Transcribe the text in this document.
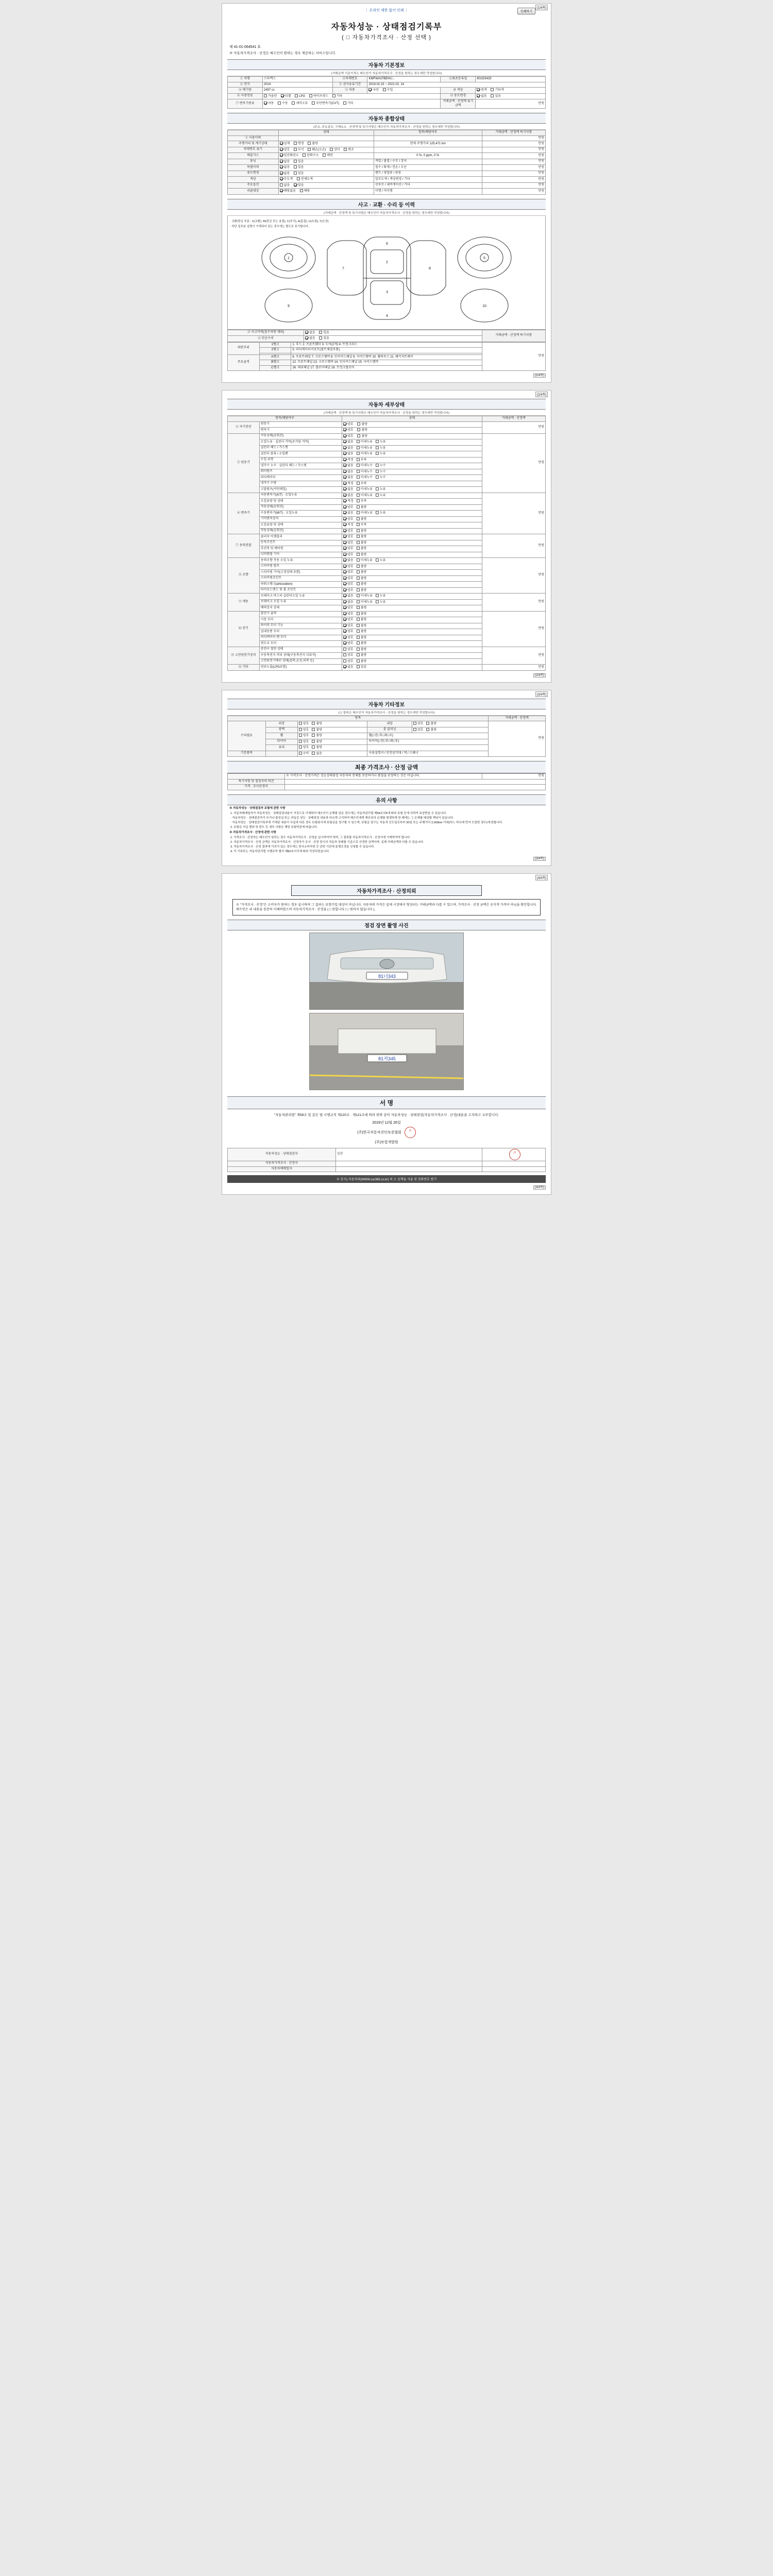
｜ 온라인 제한 없이 인쇄 ｜
(1/4쪽)
인쇄하기
자동차성능 · 상태점검기록부
( □ 자동차가격조사 · 산정 선택 )
제 41-01-064541 호
※ 자동차가격조사 · 산정은 매수인이 원하는 경우 제공하는 서비스입니다.
자동차 기본정보
(거래금액 기준가격은 매수인이 자동차가격조사 · 산정을 원하는 경우에만 작성합니다)
① 차명	스타렉스	②차대번호	KMFWA37BEHU...	③최초등록일	8019/3433
④ 연식	2014	⑤ 검사유효기간	2019.02.15 ~ 2021.02. 14		
⑧ 배기량	2497 cc	⑨ 차종	국산 수입	⑩ 색상	원색 기타색
⑥ 사용연료	가솔린 디젤 LPG 하이브리드 기타			⑪ 용도변경	없음 있음
⑦ 변속기종류	자동 수동 세미오토 무단변속기(CVT) 기타			거래금액 · 산정액 표기금액	만원
자동차 종합상태
(주요, 주요골조, 구매요소 · 산정액 및 특기사항은 매수인이 자동차가격조사 · 산정을 원하는 경우에만 작성합니다)
	상태	항목/해당여부	거래금액 · 산정액 특기사항
① 사용이력			만원
주행거리 및 계기상태	실제 변경 불량	현재 주행거리 125,471 km	만원
차대번호 표기	양호 부식 훼손(오손) 상이 변조		만원
배출가스	일산화탄소 탄화수소 매연	0 %, 0 ppm, 0 %	만원
튜닝	없음 있음	적법 / 불법 / 구조 / 장치	만원
특별이력	없음 있음	침수 / 화재 / 전손 / 도난	만원
용도변경	없음 있음	렌트 / 영업용 / 관용	만원
색상	무도색 전체도색	일부도색 / 색상변경 / 기타	만원
주요옵션	없음 있음	선루프 / 내비게이션 / 기타	만원
리콜대상	해당없음 해당	이행 / 미이행	만원
사고 · 교환 · 수리 등 이력
(거래금액 · 산정액 및 특기사항은 매수인이 자동차가격조사 · 산정을 원하는 경우에만 작성합니다)
· 교환/판금 부분 : X(교환), W(판금 또는 용접), C(부식), A(흠집), U(요철), T(손상)
· 하단 일부분 설명이 기재되어 있는 경우에는 별도로 표기합니다.
1
6
2
3
4
5
7	8
9	10
② 사고이력(침수차량 제외)	없음 있음	거래금액 · 산정액 특기사항
③ 단순수리	없음 있음	
외판부위	1랭크	1. 후드 2. 프론트휀더 3. 도어(2개) 4. 트렁크리드	만원
	2랭크	5. 라디에이터서포트(볼트체결부품)	

주요골격	A랭크	6. 프론트패널 7. 크로스멤버 8. 인사이드패널 9. 사이드멤버 10. 휠하우스 11. 패키지트레이	
	B랭크	12. 프론트패널 13. 크로스멤버 14. 인사이드패널 15. 사이드멤버	
	C랭크	16. 대쉬패널 17. 플로어패널 18. 트렁크플로어	
(1/4쪽)
(2/4쪽)
자동차 세부상태
(거래금액 · 산정액 및 특기사항은 매수인이 자동차가격조사 · 산정을 원하는 경우에만 작성합니다)
항목/해당여부		상태	거래금액 · 산정액
④ 자기진단	원동기	양호 불량	만원
	변속기	양호 불량	
⑤ 원동기	작동상태(공회전)	양호 불량	만원
	오일누유 · 실린더 커버(로커암 커버)	없음 미세누유 누유	
	실린더 헤드 / 가스켓	없음 미세누유 누유	
	실린더 블록 / 오일팬	없음 미세누유 누유	
	오일 유량	적정 부족	
	냉각수 누수 · 실린더 헤드 / 가스켓	없음 미세누수 누수	
	워터펌프	없음 미세누수 누수	
	라디에이터	없음 미세누수 누수	
	냉각수 수량	적정 부족	
	고압펌프(커먼레일)	없음 미세누유 누유	
⑥ 변속기	자동변속기(A/T) · 오일누유	없음 미세누유 누유	만원
	오일유량 및 상태	적정 부족	
	작동상태(공회전)	양호 불량	
	수동변속기(M/T) · 오일누유	없음 미세누유 누유	
	기어변속장치	양호 불량	
	오일유량 및 상태	적정 부족	
	작동상태(공회전)	양호 불량	
⑦ 동력전달	클러치 어셈블리	양호 불량	만원
	등속조인트	양호 불량	
	추진축 및 베어링	양호 불량	
	디퍼렌셜 기어	양호 불량	
⑧ 조향	동력조향 작동 오일 누유	없음 미세누유 누유	만원
	스티어링 펌프	양호 불량	
	스티어링 기어(고정상태 포함)	양호 불량	
	스티어링조인트	양호 불량	
	파워크랭크(articulation)	양호 불량	
	타이로드엔드 및 볼 조인트	양호 불량	
⑨ 제동	브레이크 마스터 실린더오일 누유	없음 미세누유 누유	만원
	브레이크 오일 누유	없음 미세누유 누유	
	배력장치 상태	양호 불량	
⑩ 전기	발전기 출력	양호 불량	만원
	시동 모터	양호 불량	
	와이퍼 모터 기능	양호 불량	
	실내송풍 모터	양호 불량	
	라디에이터 팬 모터	양호 불량	
	윈도우 모터	양호 불량	
⑪ 고전원전기장치	충전구 절연 상태	양호 불량	만원
	구동축전지 격리 상태(구동축전지 디퓨저)	양호 불량	
	고전원전기배선 상태(접촉,손상,피복 등)	양호 불량	
⑫ 기타	연료누출(LPG포함)	없음 있음	만원
(2/4쪽)
(3/4쪽)
자동차 기타정보
(② 항목은 매수인이 자동차가격조사 · 산정을 원하는 경우에만 작성합니다)
항목					거래금액 · 산정액
수리필요	외장	양호 불량	내장	양호 불량	만원
	광택	양호 불량	룸 클리닝	양호 불량	
	휠	양호 불량	휠(□전□후□좌□우)		
	타이어	양호 불량	타이어(□전□후□좌□우)		
	유리	양호 불량			
기본품목		구비 없음	사용설명서 / 안전삼각대 / 잭 / 스패너		
최종 가격조사 · 산정 금액
	※ 가격조사 · 산정가격은 성능상태점검 자동차의 전체를 보증하거나 품질을 보장하는 것은 아닙니다.	만원
특기사항 및 점검자의 의견		
가격 · 조사산정자		
유의 사항

※ 자동차성능 · 상태점검자 보험에 관한 사항

1. 자동차매매업자가 자동차성능 · 상태점검내용이 거짓으로 기재되어 매수인이 손해를 입은 경우에는 자동차관리법 제58조의4에 따라 보험 등에 의하여 보상받을 수 있습니다.

· 자동차성능 · 상태점검자가 무거나 불성실 또는 과실로 성능 · 상태점검 내용과 다르게 고지하여 매수인에게 재산상의 손해를 발생하게 한 때에는 그 손해를 배상할 책임이 있습니다.

· 자동차성능 · 상태점검기록부에 기재된 내용이 사실과 다른 경우 보험회사에 보험금을 청구할 수 있으며, 보험금 청구는 자동차 인도일로부터 30일 또는 주행거리 2,000km 이내(어느 하나에 먼저 도달한 경우)에 한합니다.

2. 보험금 지급 범위 및 한도 등 세부 사항은 해당 보험약관에 따릅니다.

※ 자동차가격조사 · 산정에 관한 사항

1. 가격조사 · 산정자는 매수인이 원하는 경우 자동차가격조사 · 산정을 실시하여야 하며, 그 결과를 자동차가격조사 · 산정서에 기재하여야 합니다.

2. 자동차가격조사 · 산정 금액은 자동차가격조사 · 산정자가 조사 · 산정 당시의 자동차 상태를 기준으로 산정한 금액이며, 실제 거래금액과 다를 수 있습니다.

3. 자동차가격조사 · 산정 결과에 이의가 있는 경우에는 한국소비자원 등 관련 기관에 분쟁조정을 신청할 수 있습니다.

4. 이 기록부는 자동차관리법 시행규칙 별지 제82호서식에 따라 작성되었습니다.

(3/4쪽)
(4/4쪽)
자동차가격조사 · 산정의뢰
※ "가격조사 · 산정"은 소비자가 원하는 경우 실시하며 그 결과는 보험가입 대상이 아닙니다. 자동차의 가격은 실제 시장에서 형성되는 거래금액과 다를 수 있으며, 가격조사 · 산정 금액은 공식적 가격이 아님을 확인합니다. 매수인은 위 내용을 충분히 이해하였으며 자동차가격조사 · 산정을 ( □ 원합니다 / □ 원하지 않습니다 ).
점검 장면 촬영 사진
81너343
81저345
서 명
"자동차관리법" 제58조 및 같은 법 시행규칙 제120조 · 제121조에 따라 위와 같이 자동차성능 · 상태점검(자동차가격조사 · 산정)내용을 고지하고 교부합니다.
2019년 12월 26일
(주)한국자동차진단보증협회	印
(주)보험개발원
자동차성능 · 상태점검자	김진	印
자동차가격조사 · 산정자		
자동차매매업자		
※ 본사) 자동차와(WWW.car365.co.kr) 의 소 상책을 지웁 및 전화번호 범기
(4/4쪽)
